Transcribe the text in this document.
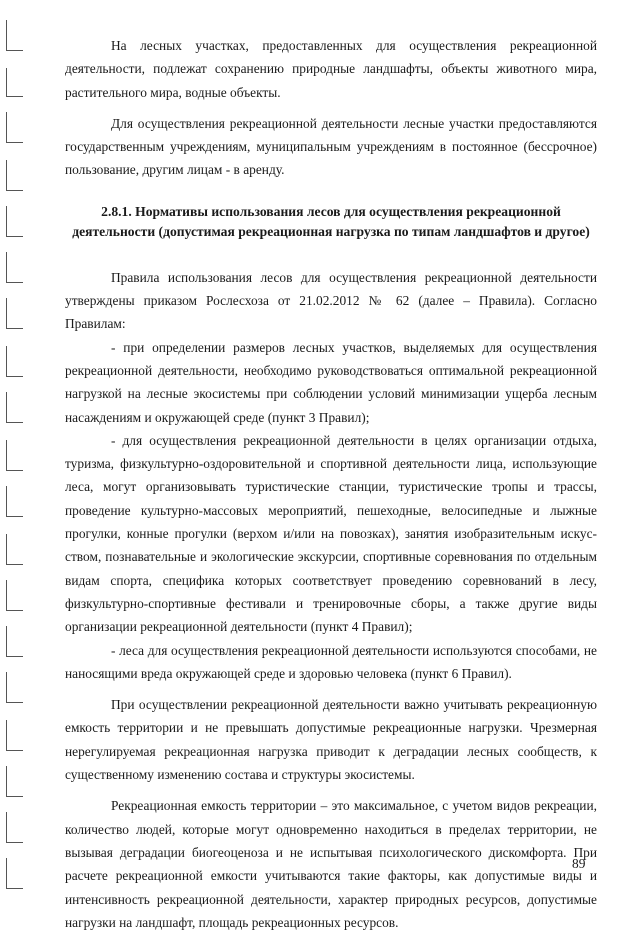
На лесных участках, предоставленных для осуществления рекреационной деятельности, подлежат сохранению природные ландшафты, объекты животного мира, растительного мира, водные объекты.

Для осуществления рекреационной деятельности лесные участки предоставляются государственным учреждениям, муниципальным учреждениям в постоянное (бессрочное) пользование, другим лицам - в аренду.

2.8.1. Нормативы использования лесов для осуществления рекреационной деятельности (допустимая рекреационная нагрузка по типам ландшафтов и другое)

Правила использования лесов для осуществления рекреационной деятельности утверждены приказом Рослесхоза от 21.02.2012 № 62 (далее – Правила). Согласно Правилам:

- при определении размеров лесных участков, выделяемых для осуществления рекреационной деятельности, необходимо руководствоваться оптимальной рекреационной нагрузкой на лесные экосистемы при соблюдении условий минимизации ущерба лесным насаждениям и окружающей среде (пункт 3 Правил);

- для осуществления рекреационной деятельности в целях организации отдыха, туризма, физкультурно-оздоровительной и спортивной деятельности лица, использующие леса, могут организовывать туристические станции, туристические тропы и трассы, проведение культурно-массовых мероприятий, пешеходные, велосипедные и лыжные прогулки, конные прогулки (верхом и/или на повозках), занятия изобразительным искусством, познавательные и экологические экскурсии, спортивные соревнования по отдельным видам спорта, специфика которых соответствует проведению соревнований в лесу, физкультурно-спортивные фестивали и тренировочные сборы, а также другие виды организации рекреационной деятельности (пункт 4 Правил);

- леса для осуществления рекреационной деятельности используются способами, не наносящими вреда окружающей среде и здоровью человека (пункт 6 Правил).

При осуществлении рекреационной деятельности важно учитывать рекреационную емкость территории и не превышать допустимые рекреационные нагрузки. Чрезмерная нерегулируемая рекреационная нагрузка приводит к деградации лесных сообществ, к существенному изменению состава и структуры экосистемы.

Рекреационная емкость территории – это максимальное, с учетом видов рекреации, количество людей, которые могут одновременно находиться в пределах территории, не вызывая деградации биогеоценоза и не испытывая психологического дискомфорта. При расчете рекреационной емкости учитываются такие факторы, как допустимые виды и интенсивность рекреационной деятельности, характер природных ресурсов, допустимые нагрузки на ландшафт, площадь рекреационных ресурсов.

89
